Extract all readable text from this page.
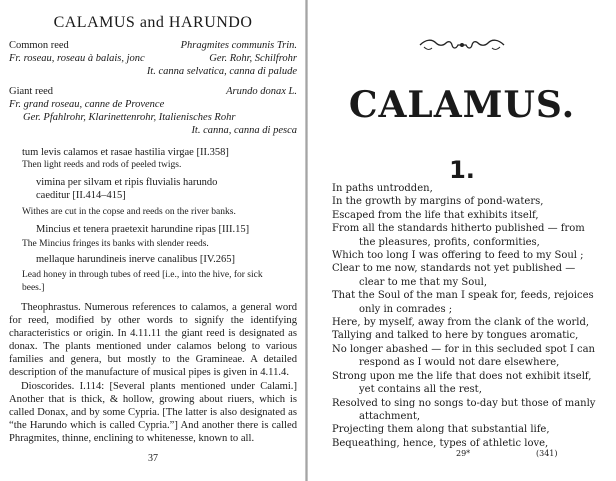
CALAMUS and HARUNDO
Common reed	Phragmites communis Trin.
Fr. roseau, roseau à balais, jonc	Ger. Rohr, Schilfrohr
It. canna selvatica, canna di palude
Giant reed	Arundo donax L.
Fr. grand roseau, canne de Provence
Ger. Pfahlrohr, Klarinettenrohr, Italienisches Rohr
It. canna, canna di pesca
tum levis calamos et rasae hastilia virgae [II.358]
Then light reeds and rods of peeled twigs.
vimina per silvam et ripis fluvialis harundo
caeditur [II.414–415]
Withes are cut in the copse and reeds on the river banks.
Mincius et tenera praetexit harundine ripas [III.15]
The Mincius fringes its banks with slender reeds.
mellaque harundineis inerve canalibus [IV.265]
Lead honey in through tubes of reed [i.e., into the hive, for sick
bees.]

Theophrastus. Numerous references to calamos, a general word for reed, modified by other words to signify the identifying characteristics or origin. In 4.11.11 the giant reed is designated as donax. The plants mentioned under calamos belong to various families and genera, but mostly to the Gramineae. A detailed description of the manufacture of musical pipes is given in 4.11.4.

Dioscorides. I.114: [Several plants mentioned under Calami.] Another that is thick, & hollow, growing about riuers, which is called Donax, and by some Cypria. [The latter is also designated as “the Harundo which is called Cypria.”] And another there is called Phragmites, thinne, enclining to whitenesse, known to all.

37
CALAMUS.
1.
In paths untrodden,
In the growth by margins of pond-waters,
Escaped from the life that exhibits itself,
From all the standards hitherto published — from
the pleasures, profits, conformities,
Which too long I was offering to feed to my Soul ;
Clear to me now, standards not yet published —
clear to me that my Soul,
That the Soul of the man I speak for, feeds, rejoices
only in comrades ;
Here, by myself, away from the clank of the world,
Tallying and talked to here by tongues aromatic,
No longer abashed — for in this secluded spot I can
respond as I would not dare elsewhere,
Strong upon me the life that does not exhibit itself,
yet contains all the rest,
Resolved to sing no songs to-day but those of manly
attachment,
Projecting them along that substantial life,
Bequeathing, hence, types of athletic love,
29*	(341)
